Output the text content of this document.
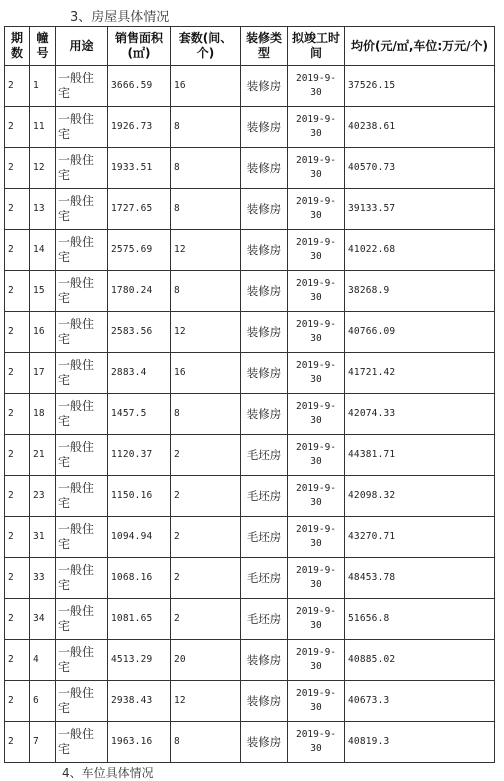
3、房屋具体情况
期数	幢号	用途	销售面积(㎡)	套数(间、个)	装修类型	拟竣工时间	均价(元/㎡,车位:万元/个)
2	1	一般住宅	3666.59	16	装修房	2019-9-30	37526.15
2	11	一般住宅	1926.73	8	装修房	2019-9-30	40238.61
2	12	一般住宅	1933.51	8	装修房	2019-9-30	40570.73
2	13	一般住宅	1727.65	8	装修房	2019-9-30	39133.57
2	14	一般住宅	2575.69	12	装修房	2019-9-30	41022.68
2	15	一般住宅	1780.24	8	装修房	2019-9-30	38268.9
2	16	一般住宅	2583.56	12	装修房	2019-9-30	40766.09
2	17	一般住宅	2883.4	16	装修房	2019-9-30	41721.42
2	18	一般住宅	1457.5	8	装修房	2019-9-30	42074.33
2	21	一般住宅	1120.37	2	毛坯房	2019-9-30	44381.71
2	23	一般住宅	1150.16	2	毛坯房	2019-9-30	42098.32
2	31	一般住宅	1094.94	2	毛坯房	2019-9-30	43270.71
2	33	一般住宅	1068.16	2	毛坯房	2019-9-30	48453.78
2	34	一般住宅	1081.65	2	毛坯房	2019-9-30	51656.8
2	4	一般住宅	4513.29	20	装修房	2019-9-30	40885.02
2	6	一般住宅	2938.43	12	装修房	2019-9-30	40673.3
2	7	一般住宅	1963.16	8	装修房	2019-9-30	40819.3
4、车位具体情况
